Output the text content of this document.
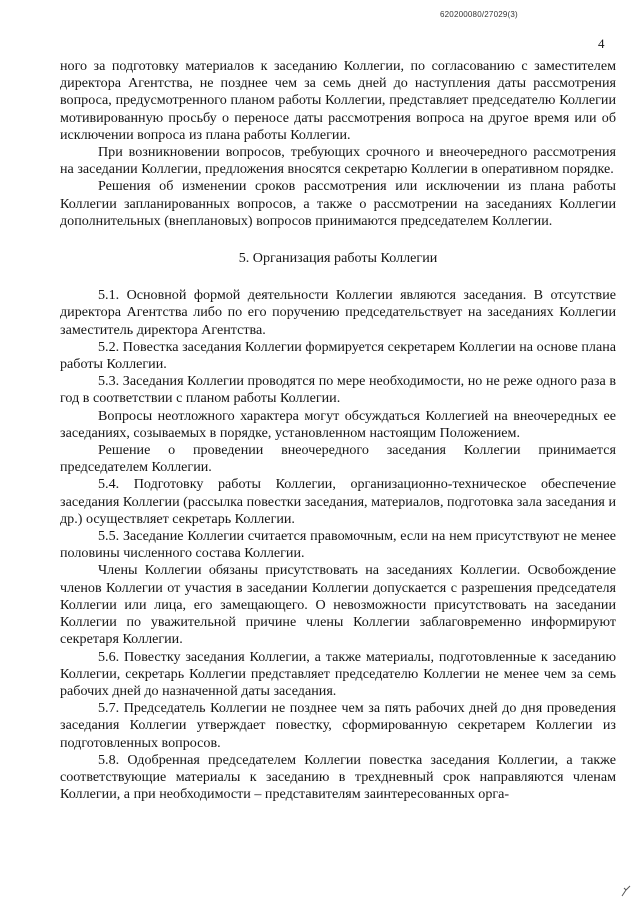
620200080/27029(3)
4

ного за подготовку материалов к заседанию Коллегии, по согласованию с заместителем директора Агентства, не позднее чем за семь дней до наступления даты рассмотрения вопроса, предусмотренного планом работы Коллегии, представляет председателю Коллегии мотивированную просьбу о переносе даты рассмотрения вопроса на другое время или об исключении вопроса из плана работы Коллегии.

При возникновении вопросов, требующих срочного и внеочередного рассмотрения на заседании Коллегии, предложения вносятся секретарю Коллегии в оперативном порядке.

Решения об изменении сроков рассмотрения или исключении из плана работы Коллегии запланированных вопросов, а также о рассмотрении на заседаниях Коллегии дополнительных (внеплановых) вопросов принимаются председателем Коллегии.

5. Организация работы Коллегии

5.1. Основной формой деятельности Коллегии являются заседания. В отсутствие директора Агентства либо по его поручению председательствует на заседаниях Коллегии заместитель директора Агентства.

5.2. Повестка заседания Коллегии формируется секретарем Коллегии на основе плана работы Коллегии.

5.3. Заседания Коллегии проводятся по мере необходимости, но не реже одного раза в год в соответствии с планом работы Коллегии.

Вопросы неотложного характера могут обсуждаться Коллегией на внеочередных ее заседаниях, созываемых в порядке, установленном настоящим Положением.

Решение о проведении внеочередного заседания Коллегии принимается председателем Коллегии.

5.4. Подготовку работы Коллегии, организационно-техническое обеспечение заседания Коллегии (рассылка повестки заседания, материалов, подготовка зала заседания и др.) осуществляет секретарь Коллегии.

5.5. Заседание Коллегии считается правомочным, если на нем присутствуют не менее половины численного состава Коллегии.

Члены Коллегии обязаны присутствовать на заседаниях Коллегии. Освобождение членов Коллегии от участия в заседании Коллегии допускается с разрешения председателя Коллегии или лица, его замещающего. О невозможности присутствовать на заседании Коллегии по уважительной причине члены Коллегии заблаговременно информируют секретаря Коллегии.

5.6. Повестку заседания Коллегии, а также материалы, подготовленные к заседанию Коллегии, секретарь Коллегии представляет председателю Коллегии не менее чем за семь рабочих дней до назначенной даты заседания.

5.7. Председатель Коллегии не позднее чем за пять рабочих дней до дня проведения заседания Коллегии утверждает повестку, сформированную секретарем Коллегии из подготовленных вопросов.

5.8. Одобренная председателем Коллегии повестка заседания Коллегии, а также соответствующие материалы к заседанию в трехдневный срок направляются членам Коллегии, а при необходимости – представителям заинтересованных орга-
